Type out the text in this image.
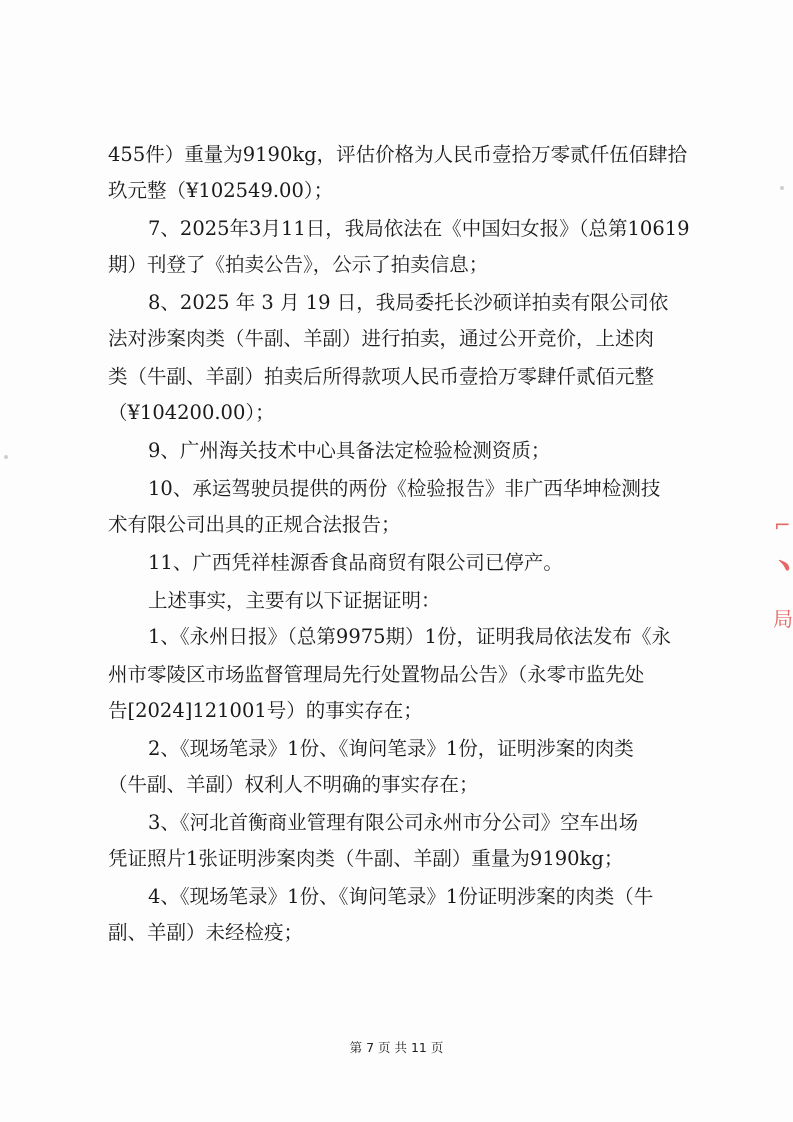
455件）重量为9190kg，评估价格为人民币壹拾万零贰仟伍佰肆拾
玖元整（¥102549.00）；
7、2025年3月11日，我局依法在《中国妇女报》（总第10619
期）刊登了《拍卖公告》，公示了拍卖信息；
8、2025 年 3 月 19 日，我局委托长沙硕详拍卖有限公司依
法对涉案肉类（牛副、羊副）进行拍卖，通过公开竞价，上述肉
类（牛副、羊副）拍卖后所得款项人民币壹拾万零肆仟贰佰元整
（¥104200.00）；
9、广州海关技术中心具备法定检验检测资质；
10、承运驾驶员提供的两份《检验报告》非广西华坤检测技
术有限公司出具的正规合法报告；
11、广西凭祥桂源香食品商贸有限公司已停产。
上述事实，主要有以下证据证明：
1、《永州日报》（总第9975期）1份，证明我局依法发布《永
州市零陵区市场监督管理局先行处置物品公告》（永零市监先处
告[2024]121001号）的事实存在；
2、《现场笔录》1份、《询问笔录》1份，证明涉案的肉类
（牛副、羊副）权利人不明确的事实存在；
3、《河北首衡商业管理有限公司永州市分公司》空车出场
凭证照片1张证明涉案肉类（牛副、羊副）重量为9190kg；
4、《现场笔录》1份、《询问笔录》1份证明涉案的肉类（牛
副、羊副）未经检疫；
⌐
﹅
局
第 7 页 共 11 页
